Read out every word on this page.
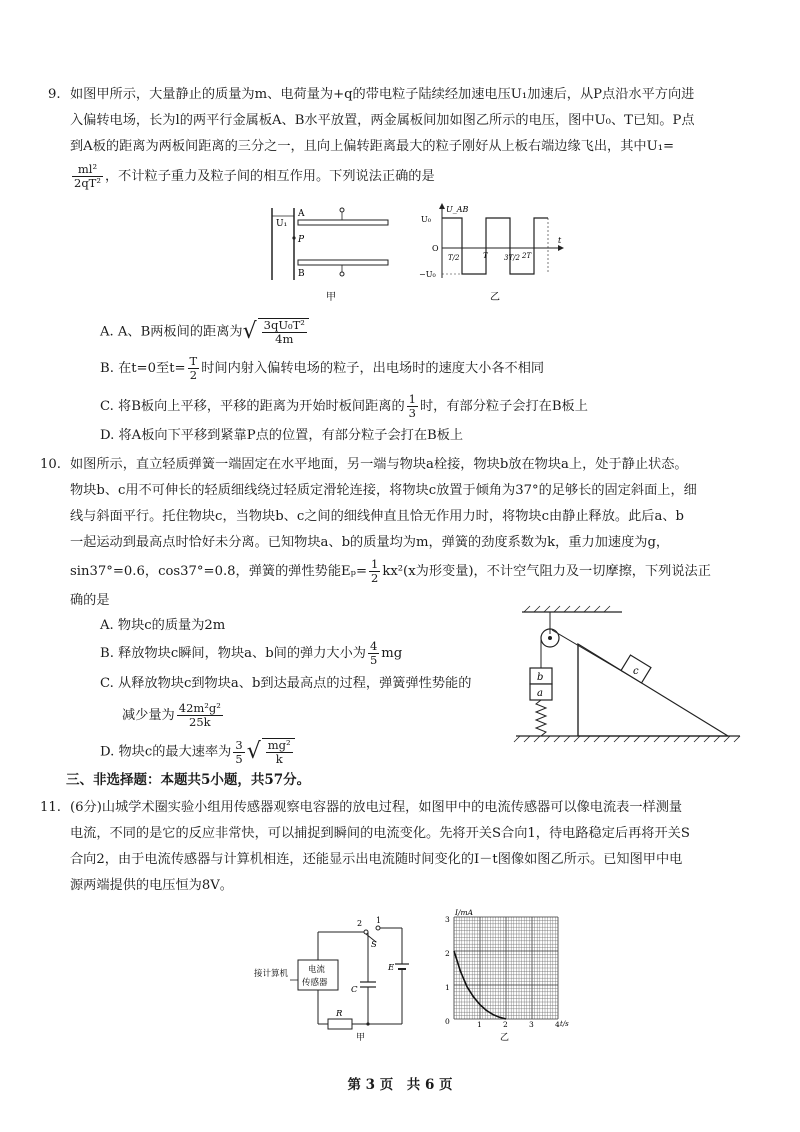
9. 如图甲所示，大量静止的质量为m、电荷量为+q的带电粒子陆续经加速电压U₁加速后，从P点沿水平方向进
入偏转电场，长为l的两平行金属板A、B水平放置，两金属板间加如图乙所示的电压，图中U₀、T已知。P点
到A板的距离为两板间距离的三分之一，且向上偏转距离最大的粒子刚好从上板右端边缘飞出，其中U₁=
$\frac{\text{ml²}}{\text{2qT²}}$ ，不计粒子重力及粒子间的相互作用。下列说法正确的是
U₁
A
P
B
甲
U_AB
U₀
O
−U₀
T/2	T 3T/2 2T
t
乙
A. A、B两板间的距离为√ $\frac{\text{3qU₀T²}}{4m}$
B. 在t=0至$t= \frac{T}{2}$ 时间内射入偏转电场的粒子，出电场时的速度大小各不相同
C. 将B板向上平移，平移的距离为开始时板间距离的 $\frac{1}{3}$ 时，有部分粒子会打在B板上
D. 将A板向下平移到紧靠P点的位置，有部分粒子会打在B板上
10. 如图所示，直立轻质弹簧一端固定在水平地面，另一端与物块a栓接，物块b放在物块a上，处于静止状态。
物块b、c用不可伸长的轻质细线绕过轻质定滑轮连接，将物块c放置于倾角为37°的足够长的固定斜面上，细
线与斜面平行。托住物块c，当物块b、c之间的细线伸直且恰无作用力时，将物块c由静止释放。此后a、b
一起运动到最高点时恰好未分离。已知物块a、b的质量均为m，弹簧的劲度系数为k，重力加速度为g，
sin37°=0.6，cos37°=0.8，弹簧的弹性势能$E_p= \frac{1}{2} kx^2(x$为形变量)，不计空气阻力及一切摩擦，下列说法正
确的是
A. 物块c的质量为2m
B. 释放物块c瞬间，物块a、b间的弹力大小为 $\frac{4}{5}$ mg
C. 从释放物块c到物块a、b到达最高点的过程，弹簧弹性势能的
减少量为 $\frac{\text{42m²g²}}{25k}$
D. 物块c的最大速率为 $\frac{3}{5}$ √ $\frac{\text{mg²}}{k}$
b
a
c
三、非选择题：本题共5小题，共57分。
11. (6分)山城学术圈实验小组用传感器观察电容器的放电过程，如图甲中的电流传感器可以像电流表一样测量
电流，不同的是它的反应非常快，可以捕捉到瞬间的电流变化。先将开关S合向1，待电路稳定后再将开关S
合向2，由于电流传感器与计算机相连，还能显示出电流随时间变化的I－t图像如图乙所示。已知图甲中电
源两端提供的电压恒为8V。
接计算机 电流
传感器
R
2 1
S
E
C
甲
I/mA
t/s
0
1
2
3
1	2	3	4
乙
第 3 页　共 6 页
